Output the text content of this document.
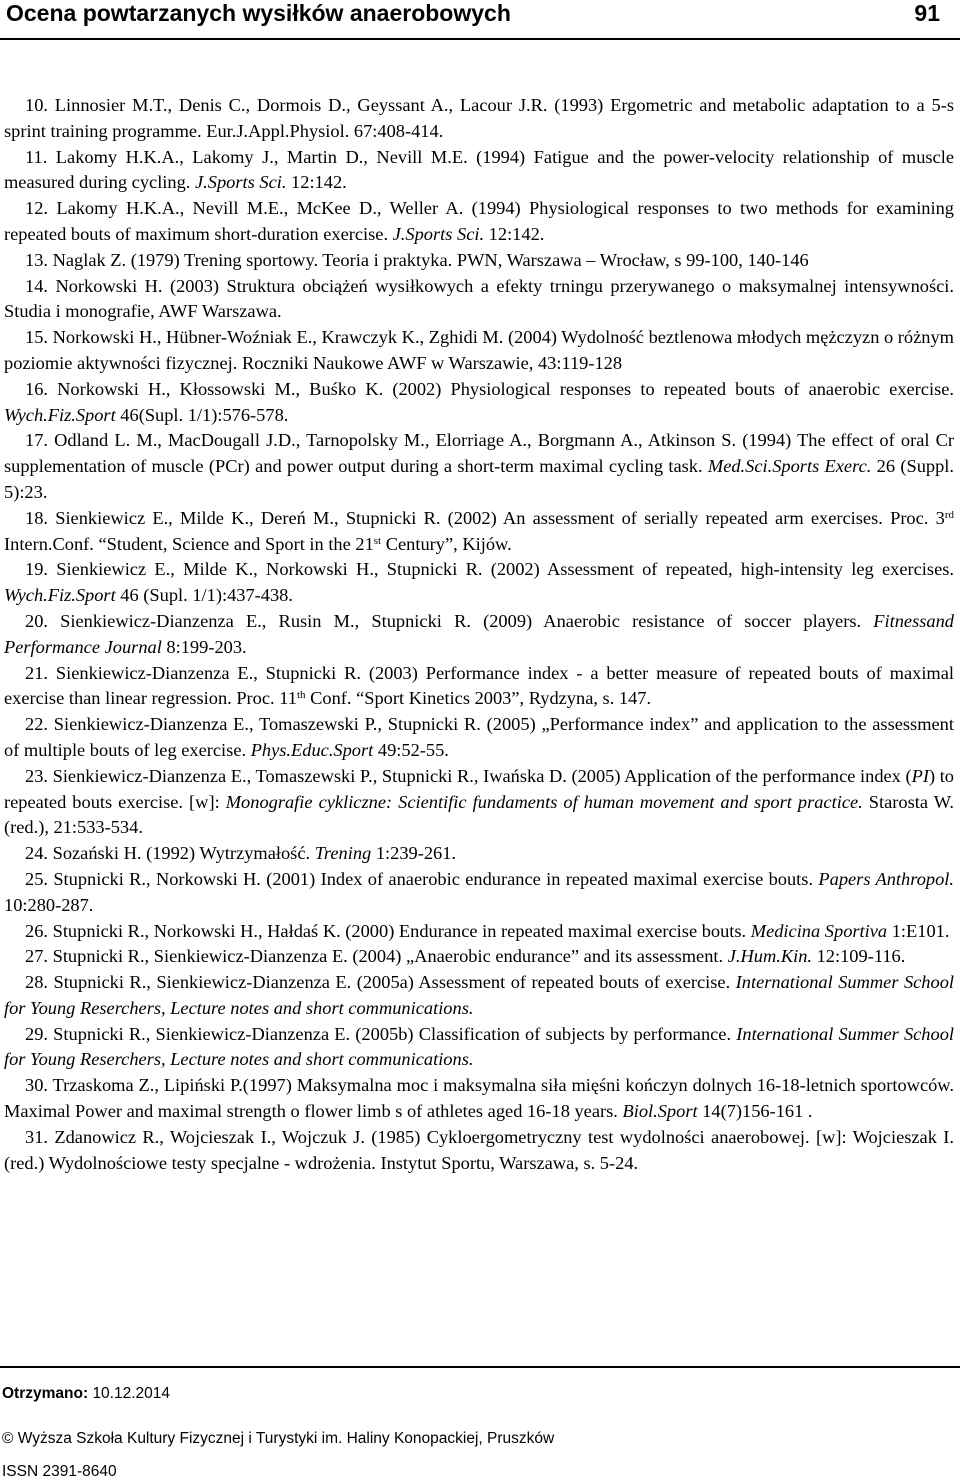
Ocena powtarzanych wysiłków anaerobowych	91

10. Linnosier M.T., Denis C., Dormois D., Geyssant A., Lacour J.R. (1993) Ergometric and metabolic adaptation to a 5-s sprint training programme. Eur.J.Appl.Physiol. 67:408-414.

11. Lakomy H.K.A., Lakomy J., Martin D., Nevill M.E. (1994) Fatigue and the power-velocity relationship of muscle measured during cycling. J.Sports Sci. 12:142.

12. Lakomy H.K.A., Nevill M.E., McKee D., Weller A. (1994) Physiological responses to two methods for examining repeated bouts of maximum short-duration exercise. J.Sports Sci. 12:142.

13. Naglak Z. (1979) Trening sportowy. Teoria i praktyka. PWN, Warszawa – Wrocław, s 99-100, 140-146

14. Norkowski H. (2003) Struktura obciążeń wysiłkowych a efekty trningu przerywanego o maksymalnej intensywności. Studia i monografie, AWF Warszawa.

15. Norkowski H., Hübner-Woźniak E., Krawczyk K., Zghidi M. (2004) Wydolność beztlenowa młodych mężczyzn o różnym poziomie aktywności fizycznej. Roczniki Naukowe AWF w Warszawie, 43:119-128

16. Norkowski H., Kłossowski M., Buśko K. (2002) Physiological responses to repeated bouts of anaerobic exercise. Wych.Fiz.Sport 46(Supl. 1/1):576-578.

17. Odland L. M., MacDougall J.D., Tarnopolsky M., Elorriage A., Borgmann A., Atkinson S. (1994) The effect of oral Cr supplementation of muscle (PCr) and power output during a short-term maximal cycling task. Med.Sci.Sports Exerc. 26 (Suppl. 5):23.

18. Sienkiewicz E., Milde K., Dereń M., Stupnicki R. (2002) An assessment of serially repeated arm exercises. Proc. 3rd Intern.Conf. “Student, Science and Sport in the 21st Century”, Kijów.

19. Sienkiewicz E., Milde K., Norkowski H., Stupnicki R. (2002) Assessment of repeated, high-intensity leg exercises. Wych.Fiz.Sport 46 (Supl. 1/1):437-438.

20. Sienkiewicz-Dianzenza E., Rusin M., Stupnicki R. (2009) Anaerobic resistance of soccer players. Fitnessand Performance Journal 8:199-203.

21. Sienkiewicz-Dianzenza E., Stupnicki R. (2003) Performance index - a better measure of repeated bouts of maximal exercise than linear regression. Proc. 11th Conf. “Sport Kinetics 2003”, Rydzyna, s. 147.

22. Sienkiewicz-Dianzenza E., Tomaszewski P., Stupnicki R. (2005) „Performance index” and application to the assessment of multiple bouts of leg exercise. Phys.Educ.Sport 49:52-55.

23. Sienkiewicz-Dianzenza E., Tomaszewski P., Stupnicki R., Iwańska D. (2005) Application of the performance index (PI) to repeated bouts exercise. [w]: Monografie cykliczne: Scientific fundaments of human movement and sport practice. Starosta W. (red.), 21:533-534.

24. Sozański H. (1992) Wytrzymałość. Trening 1:239-261.

25. Stupnicki R., Norkowski H. (2001) Index of anaerobic endurance in repeated maximal exercise bouts. Papers Anthropol. 10:280-287.

26. Stupnicki R., Norkowski H., Hałdaś K. (2000) Endurance in repeated maximal exercise bouts. Medicina Sportiva 1:E101.

27. Stupnicki R., Sienkiewicz-Dianzenza E. (2004) „Anaerobic endurance” and its assessment. J.Hum.Kin. 12:109-116.

28. Stupnicki R., Sienkiewicz-Dianzenza E. (2005a) Assessment of repeated bouts of exercise. International Summer School for Young Reserchers, Lecture notes and short communications.

29. Stupnicki R., Sienkiewicz-Dianzenza E. (2005b) Classification of subjects by performance. International Summer School for Young Reserchers, Lecture notes and short communications.

30. Trzaskoma Z., Lipiński P.(1997) Maksymalna moc i maksymalna siła mięśni kończyn dolnych 16-18-letnich sportowców. Maximal Power and maximal strength o flower limb s of athletes aged 16-18 years. Biol.Sport 14(7)156-161 .

31. Zdanowicz R., Wojcieszak I., Wojczuk J. (1985) Cykloergometryczny test wydolności anaerobowej. [w]: Wojcieszak I. (red.) Wydolnościowe testy specjalne - wdrożenia. Instytut Sportu, Warszawa, s. 5-24.

Otrzymano: 10.12.2014
© Wyższa Szkoła Kultury Fizycznej i Turystyki im. Haliny Konopackiej, Pruszków
ISSN 2391-8640
